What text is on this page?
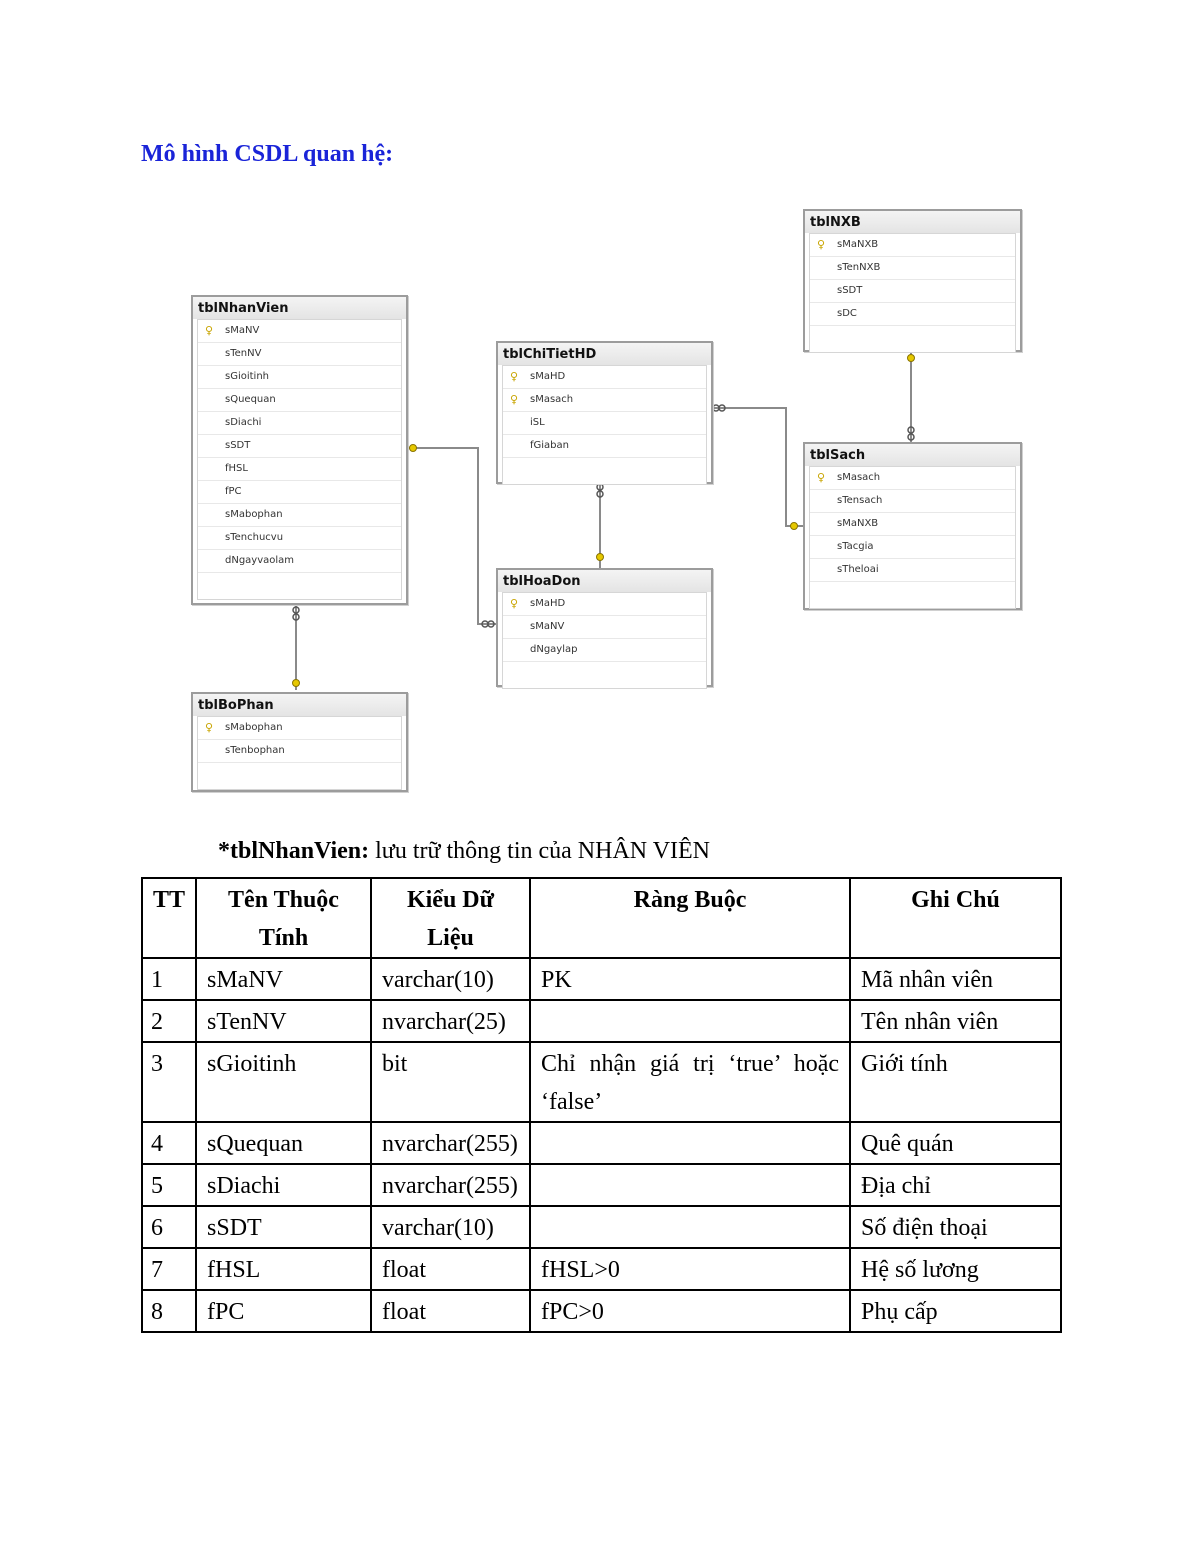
Mô hình CSDL quan hệ:
tblNhanVien
♀ sMaNV
sTenNV
sGioitinh
sQuequan
sDiachi
sSDT
fHSL
fPC
sMabophan
sTenchucvu
dNgayvaolam
tblBoPhan
♀ sMabophan
sTenbophan
tblChiTietHD
♀ sMaHD
♀ sMasach
iSL
fGiaban
tblHoaDon
♀ sMaHD
sMaNV
dNgaylap
tblNXB
♀ sMaNXB
sTenNXB
sSDT
sDC
tblSach
♀ sMasach
sTensach
sMaNXB
sTacgia
sTheloai
*tblNhanVien: lưu trữ thông tin của NHÂN VIÊN
TT	Tên Thuộc Tính	Kiểu Dữ Liệu	Ràng Buộc	Ghi Chú
1	sMaNV	varchar(10)	PK	Mã nhân viên
2	sTenNV	nvarchar(25)		Tên nhân viên
3	sGioitinh	bit	Chỉ nhận giá trị ‘true’ hoặc ‘false’	Giới tính
4	sQuequan	nvarchar(255)		Quê quán
5	sDiachi	nvarchar(255)		Địa chỉ
6	sSDT	varchar(10)		Số điện thoại
7	fHSL	float	fHSL>0	Hệ số lương
8	fPC	float	fPC>0	Phụ cấp
